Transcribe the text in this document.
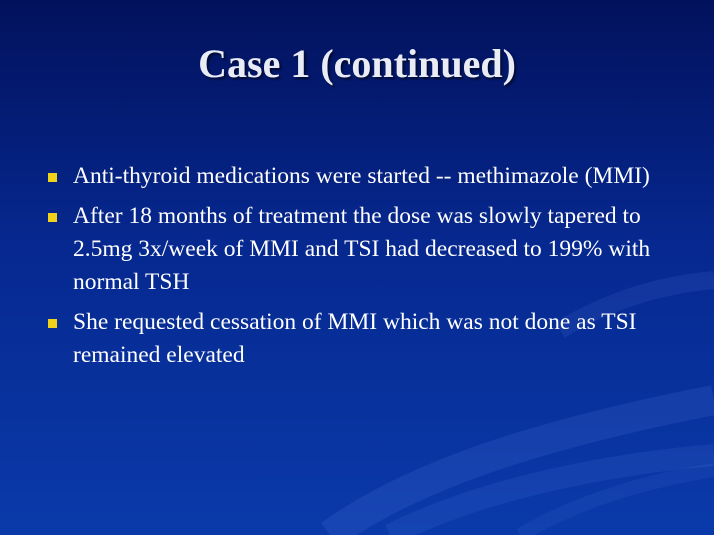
Case 1 (continued)
Anti-thyroid medications were started -- methimazole (MMI)
After 18 months of treatment the dose was slowly tapered to 2.5mg 3x/week of MMI and TSI had decreased to 199% with normal TSH
She requested cessation of MMI which was not done as TSI remained elevated
